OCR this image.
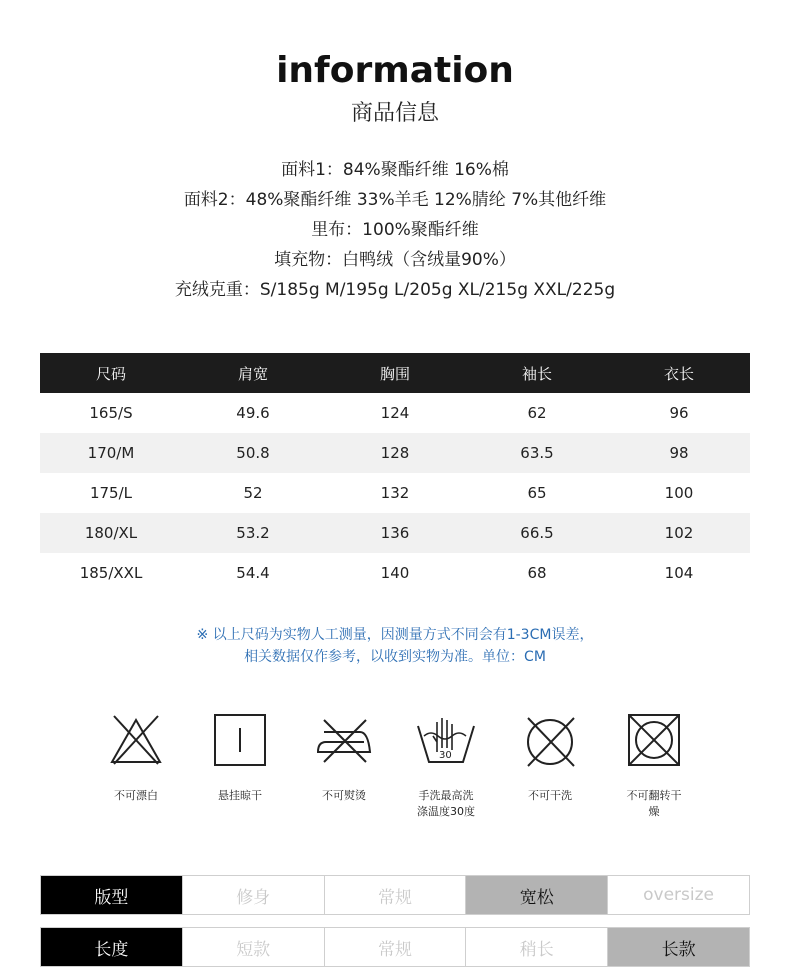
information
商品信息
面料1：84%聚酯纤维 16%棉
面料2：48%聚酯纤维 33%羊毛 12%腈纶 7%其他纤维
里布：100%聚酯纤维
填充物：白鸭绒（含绒量90%）
充绒克重：S/185g M/195g L/205g XL/215g XXL/225g
尺码	肩宽	胸围	袖长	衣长
165/S	49.6	124	62	96
170/M	50.8	128	63.5	98
175/L	52	132	65	100
180/XL	53.2	136	66.5	102
185/XXL	54.4	140	68	104
※ 以上尺码为实物人工测量，因测量方式不同会有1-3CM误差，
相关数据仅作参考，以收到实物为准。单位：CM
不可漂白	悬挂晾干	不可熨烫
30
手洗最高洗涤温度30度
不可干洗	不可翻转干燥
版型	修身	常规	宽松	oversize
长度	短款	常规	稍长	长款
